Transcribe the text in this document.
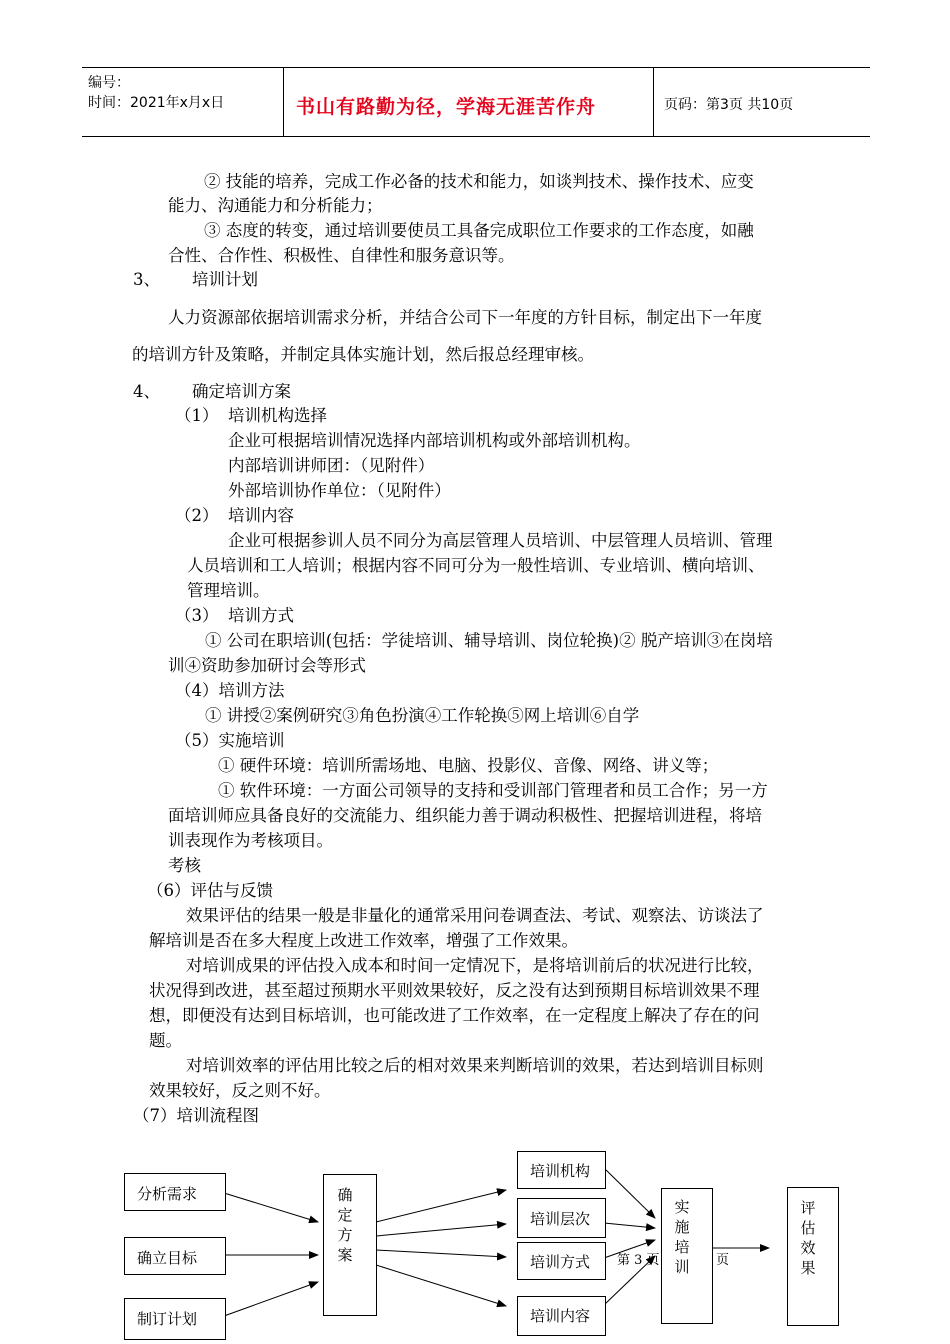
编号：
时间：2021年x月x日	书山有路勤为径，学海无涯苦作舟	页码：第3页 共10页
② 技能的培养，完成工作必备的技术和能力，如谈判技术、操作技术、应变
能力、沟通能力和分析能力；
③ 态度的转变，通过培训要使员工具备完成职位工作要求的工作态度，如融
合性、合作性、积极性、自律性和服务意识等。
3、 培训计划
人力资源部依据培训需求分析，并结合公司下一年度的方针目标，制定出下一年度
的培训方针及策略，并制定具体实施计划，然后报总经理审核。
4、 确定培训方案
（1） 培训机构选择
企业可根据培训情况选择内部培训机构或外部培训机构。
内部培训讲师团：（见附件）
外部培训协作单位：（见附件）
（2） 培训内容
企业可根据参训人员不同分为高层管理人员培训、中层管理人员培训、管理
人员培训和工人培训；根据内容不同可分为一般性培训、专业培训、横向培训、
管理培训。
（3） 培训方式
① 公司在职培训(包括：学徒培训、辅导培训、岗位轮换)② 脱产培训③在岗培
训④资助参加研讨会等形式
（4）培训方法
① 讲授②案例研究③角色扮演④工作轮换⑤网上培训⑥自学
（5）实施培训
① 硬件环境：培训所需场地、电脑、投影仪、音像、网络、讲义等；
① 软件环境：一方面公司领导的支持和受训部门管理者和员工合作；另一方
面培训师应具备良好的交流能力、组织能力善于调动积极性、把握培训进程，将培
训表现作为考核项目。
考核
（6）评估与反馈
效果评估的结果一般是非量化的通常采用问卷调查法、考试、观察法、访谈法了
解培训是否在多大程度上改进工作效率，增强了工作效果。
对培训成果的评估投入成本和时间一定情况下，是将培训前后的状况进行比较，
状况得到改进，甚至超过预期水平则效果较好，反之没有达到预期目标培训效果不理
想，即便没有达到目标培训，也可能改进了工作效率，在一定程度上解决了存在的问
题。
对培训效率的评估用比较之后的相对效果来判断培训的效果，若达到培训目标则
效果较好，反之则不好。
（7）培训流程图
分析需求
确立目标
制订计划
确定方案
培训机构
培训层次
培训方式
培训内容
实施培训
评估效果
第 3 页	页
